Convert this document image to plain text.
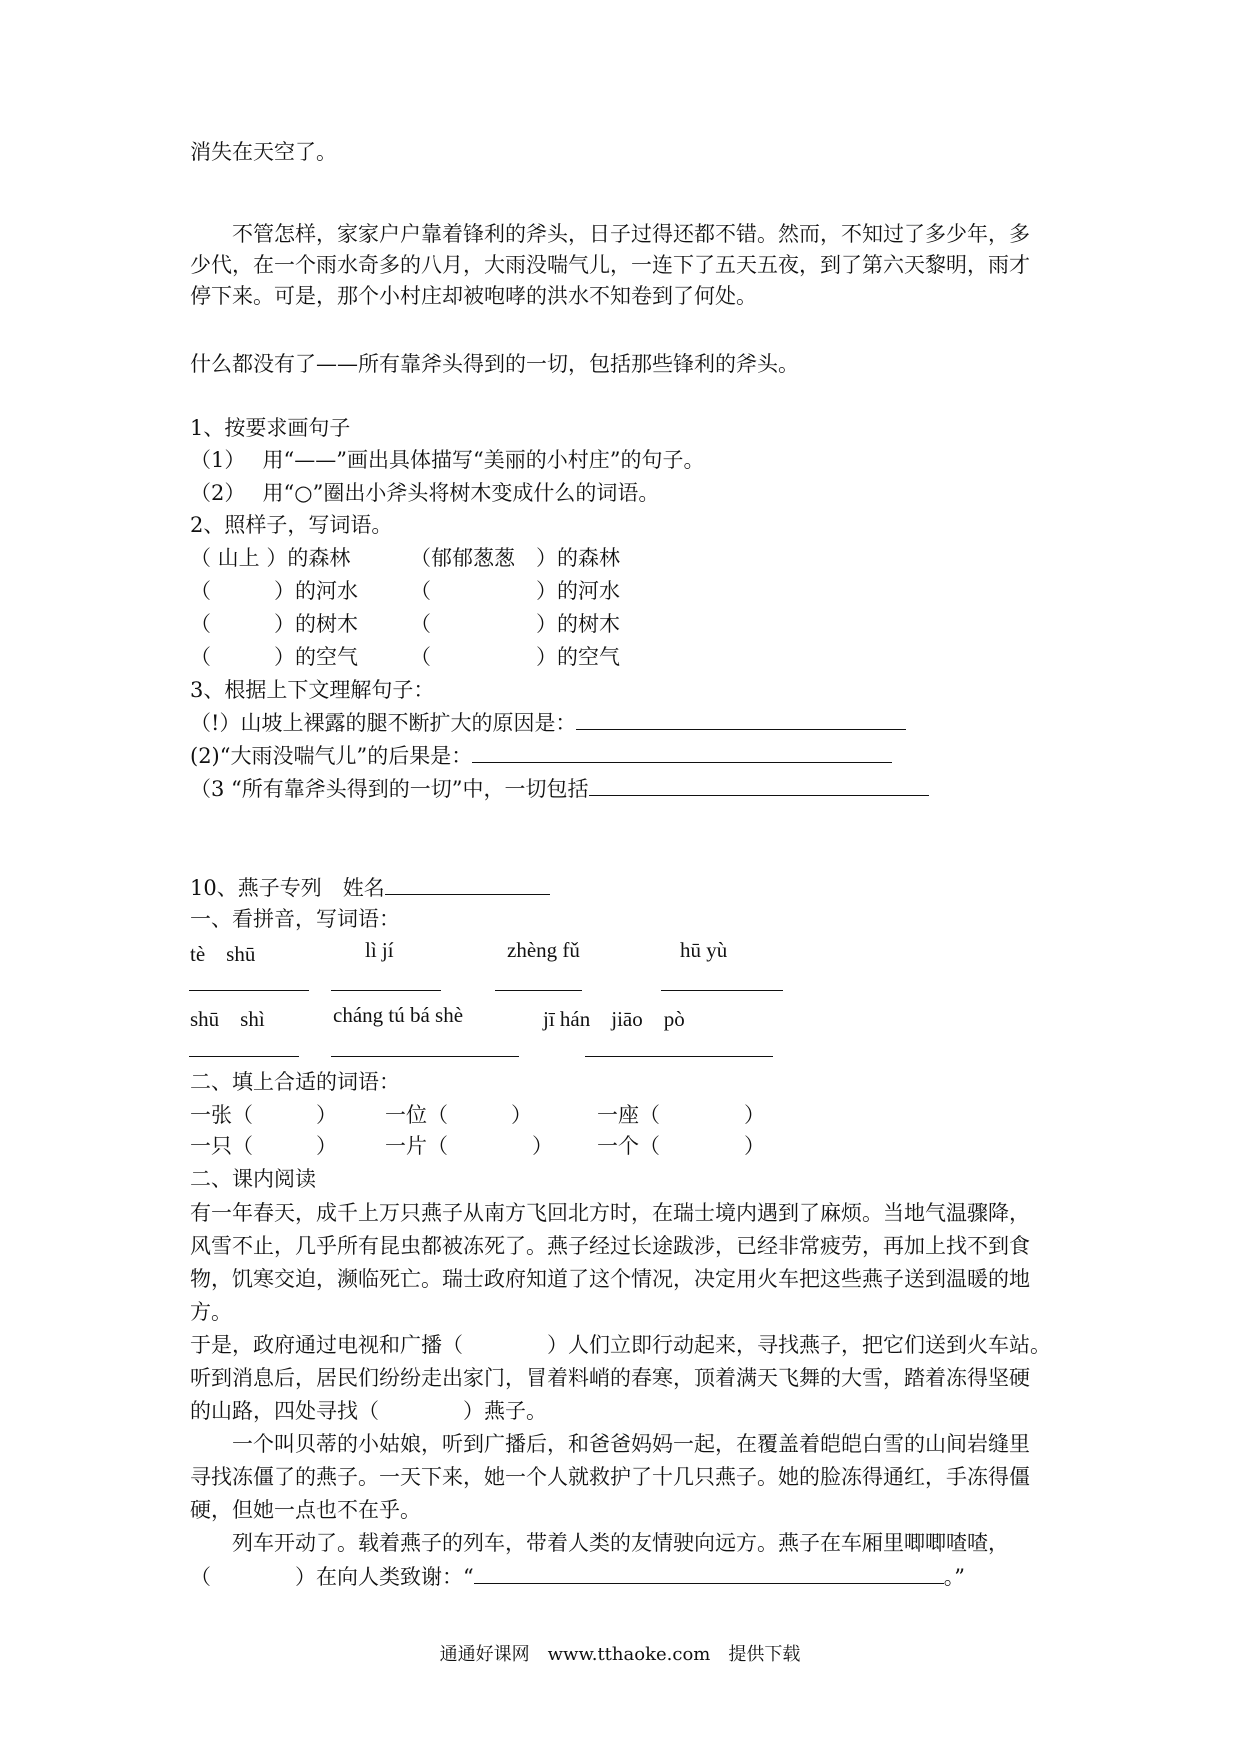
消失在天空了。
不管怎样，家家户户靠着锋利的斧头，日子过得还都不错。然而，不知过了多少年，多
少代，在一个雨水奇多的八月，大雨没喘气儿，一连下了五天五夜，到了第六天黎明，雨才
停下来。可是，那个小村庄却被咆哮的洪水不知卷到了何处。
什么都没有了——所有靠斧头得到的一切，包括那些锋利的斧头。
1、按要求画句子
（1）　 用“——”画出具体描写“美丽的小村庄”的句子。
（2）　 用“○”圈出小斧头将树木变成什么的词语。
2、照样子，写词语。
（ 山上 ）的森林	（郁郁葱葱　）的森林
（　　　）的河水 （　　　　　）的河水
（　　　）的树木 （　　　　　）的树木
（　　　）的空气 （　　　　　）的空气
3、根据上下文理解句子：
（!）山坡上裸露的腿不断扩大的原因是：
(2)“大雨没喘气儿”的后果是：
（3 “所有靠斧头得到的一切”中，一切包括
10、燕子专列　姓名
一、看拼音，写词语：
tè　shū	lì jí	zhèng fǔ	hū yù
shū　shì	cháng tú bá shè	jī hán　jiāo　pò
二、填上合适的词语：
一张（　　　） 一位（　　　）	一座（　　　　）
一只（　　　） 一片（　　　　） 一个（　　　　）
二、课内阅读
有一年春天，成千上万只燕子从南方飞回北方时，在瑞士境内遇到了麻烦。当地气温骤降，
风雪不止，几乎所有昆虫都被冻死了。燕子经过长途跋涉，已经非常疲劳，再加上找不到食
物，饥寒交迫，濒临死亡。瑞士政府知道了这个情况，决定用火车把这些燕子送到温暖的地
方。
于是，政府通过电视和广播（　　　　）人们立即行动起来，寻找燕子，把它们送到火车站。
听到消息后，居民们纷纷走出家门，冒着料峭的春寒，顶着满天飞舞的大雪，踏着冻得坚硬
的山路，四处寻找（　　　　）燕子。
一个叫贝蒂的小姑娘，听到广播后，和爸爸妈妈一起，在覆盖着皑皑白雪的山间岩缝里
寻找冻僵了的燕子。一天下来，她一个人就救护了十几只燕子。她的脸冻得通红，手冻得僵
硬，但她一点也不在乎。
列车开动了。载着燕子的列车，带着人类的友情驶向远方。燕子在车厢里唧唧喳喳，
（　　　　）在向人类致谢：“	。”
通通好课网　www.tthaoke.com　提供下载
